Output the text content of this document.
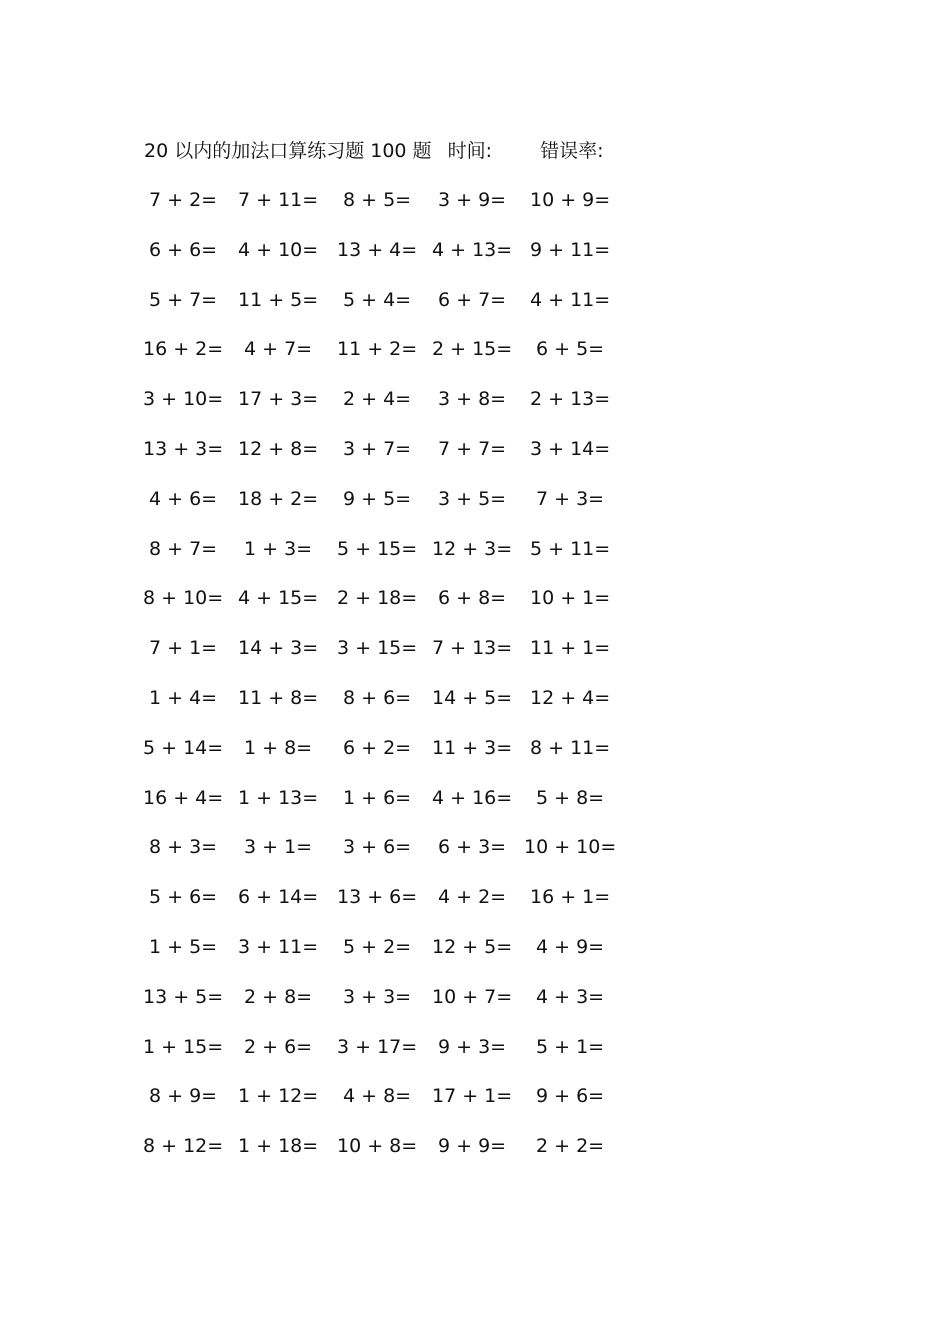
20 以内的加法口算练习题 100 题 时间:	错误率:
7 + 2= 7 + 11= 8 + 5= 3 + 9= 10 + 9=
6 + 6= 4 + 10= 13 + 4= 4 + 13= 9 + 11=
5 + 7= 11 + 5= 5 + 4= 6 + 7= 4 + 11=
16 + 2= 4 + 7= 11 + 2= 2 + 15= 6 + 5=
3 + 10= 17 + 3= 2 + 4= 3 + 8= 2 + 13=
13 + 3= 12 + 8= 3 + 7= 7 + 7= 3 + 14=
4 + 6= 18 + 2= 9 + 5= 3 + 5= 7 + 3=
8 + 7= 1 + 3= 5 + 15= 12 + 3= 5 + 11=
8 + 10= 4 + 15= 2 + 18= 6 + 8= 10 + 1=
7 + 1= 14 + 3= 3 + 15= 7 + 13= 11 + 1=
1 + 4= 11 + 8= 8 + 6= 14 + 5= 12 + 4=
5 + 14= 1 + 8= 6 + 2= 11 + 3= 8 + 11=
16 + 4= 1 + 13= 1 + 6= 4 + 16= 5 + 8=
8 + 3= 3 + 1= 3 + 6= 6 + 3= 10 + 10=
5 + 6= 6 + 14= 13 + 6= 4 + 2= 16 + 1=
1 + 5= 3 + 11= 5 + 2= 12 + 5= 4 + 9=
13 + 5= 2 + 8= 3 + 3= 10 + 7= 4 + 3=
1 + 15= 2 + 6= 3 + 17= 9 + 3= 5 + 1=
8 + 9= 1 + 12= 4 + 8= 17 + 1= 9 + 6=
8 + 12= 1 + 18= 10 + 8= 9 + 9= 2 + 2=
